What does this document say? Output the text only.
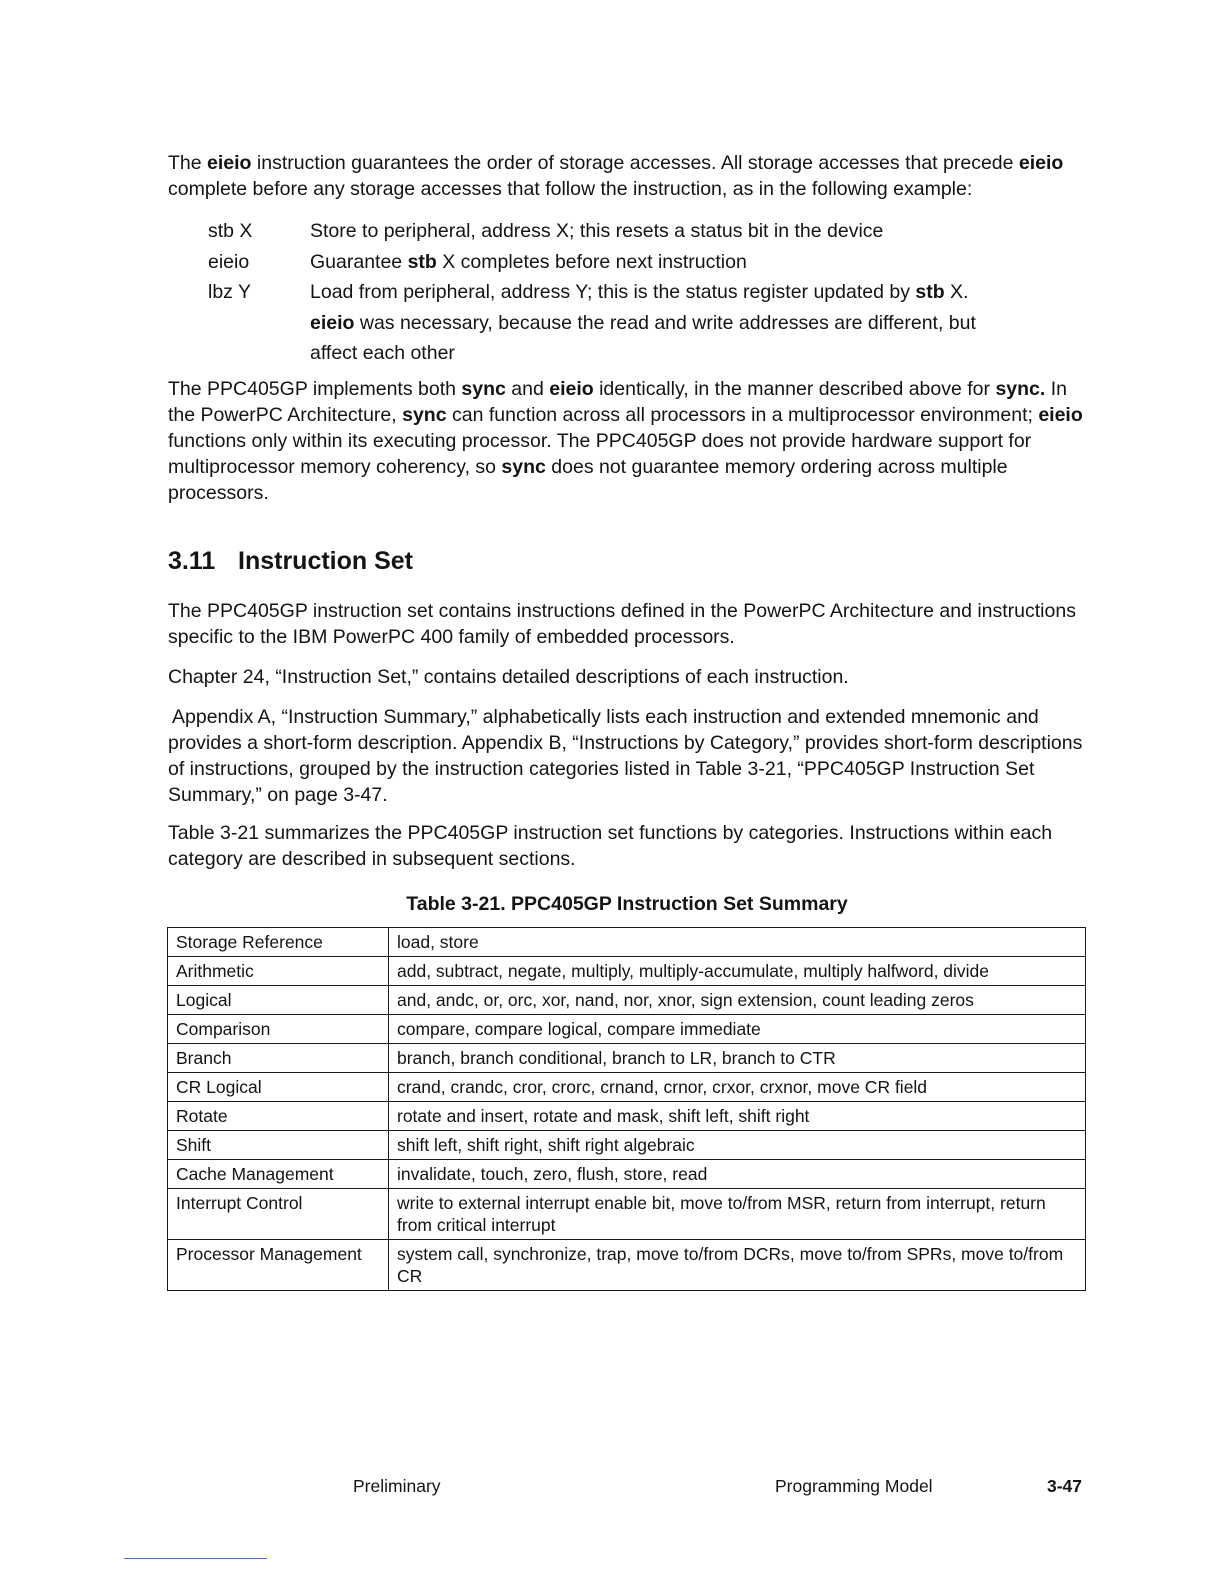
The eieio instruction guarantees the order of storage accesses. All storage accesses that precede eieio complete before any storage accesses that follow the instruction, as in the following example:

stb X	Store to peripheral, address X; this resets a status bit in the device
eieio	Guarantee stb X completes before next instruction
lbz Y	Load from peripheral, address Y; this is the status register updated by stb X.
eieio was necessary, because the read and write addresses are different, but
affect each other

The PPC405GP implements both sync and eieio identically, in the manner described above for sync. In the PowerPC Architecture, sync can function across all processors in a multiprocessor environment; eieio functions only within its executing processor. The PPC405GP does not provide hardware support for multiprocessor memory coherency, so sync does not guarantee memory ordering across multiple processors.

3.11 Instruction Set

The PPC405GP instruction set contains instructions defined in the PowerPC Architecture and instructions specific to the IBM PowerPC 400 family of embedded processors.

Chapter 24, “Instruction Set,” contains detailed descriptions of each instruction.

Appendix A, “Instruction Summary,” alphabetically lists each instruction and extended mnemonic and provides a short-form description. Appendix B, “Instructions by Category,” provides short-form descriptions of instructions, grouped by the instruction categories listed in Table 3-21, “PPC405GP Instruction Set Summary,” on page 3-47.

Table 3-21 summarizes the PPC405GP instruction set functions by categories. Instructions within each category are described in subsequent sections.

Table 3-21. PPC405GP Instruction Set Summary
Storage Reference	load, store
Arithmetic	add, subtract, negate, multiply, multiply-accumulate, multiply halfword, divide
Logical	and, andc, or, orc, xor, nand, nor, xnor, sign extension, count leading zeros
Comparison	compare, compare logical, compare immediate
Branch	branch, branch conditional, branch to LR, branch to CTR
CR Logical	crand, crandc, cror, crorc, crnand, crnor, crxor, crxnor, move CR field
Rotate	rotate and insert, rotate and mask, shift left, shift right
Shift	shift left, shift right, shift right algebraic
Cache Management	invalidate, touch, zero, flush, store, read
Interrupt Control	write to external interrupt enable bit, move to/from MSR, return from interrupt, return from critical interrupt
Processor Management	system call, synchronize, trap, move to/from DCRs, move to/from SPRs, move to/from CR
Preliminary	Programming Model	3-47
